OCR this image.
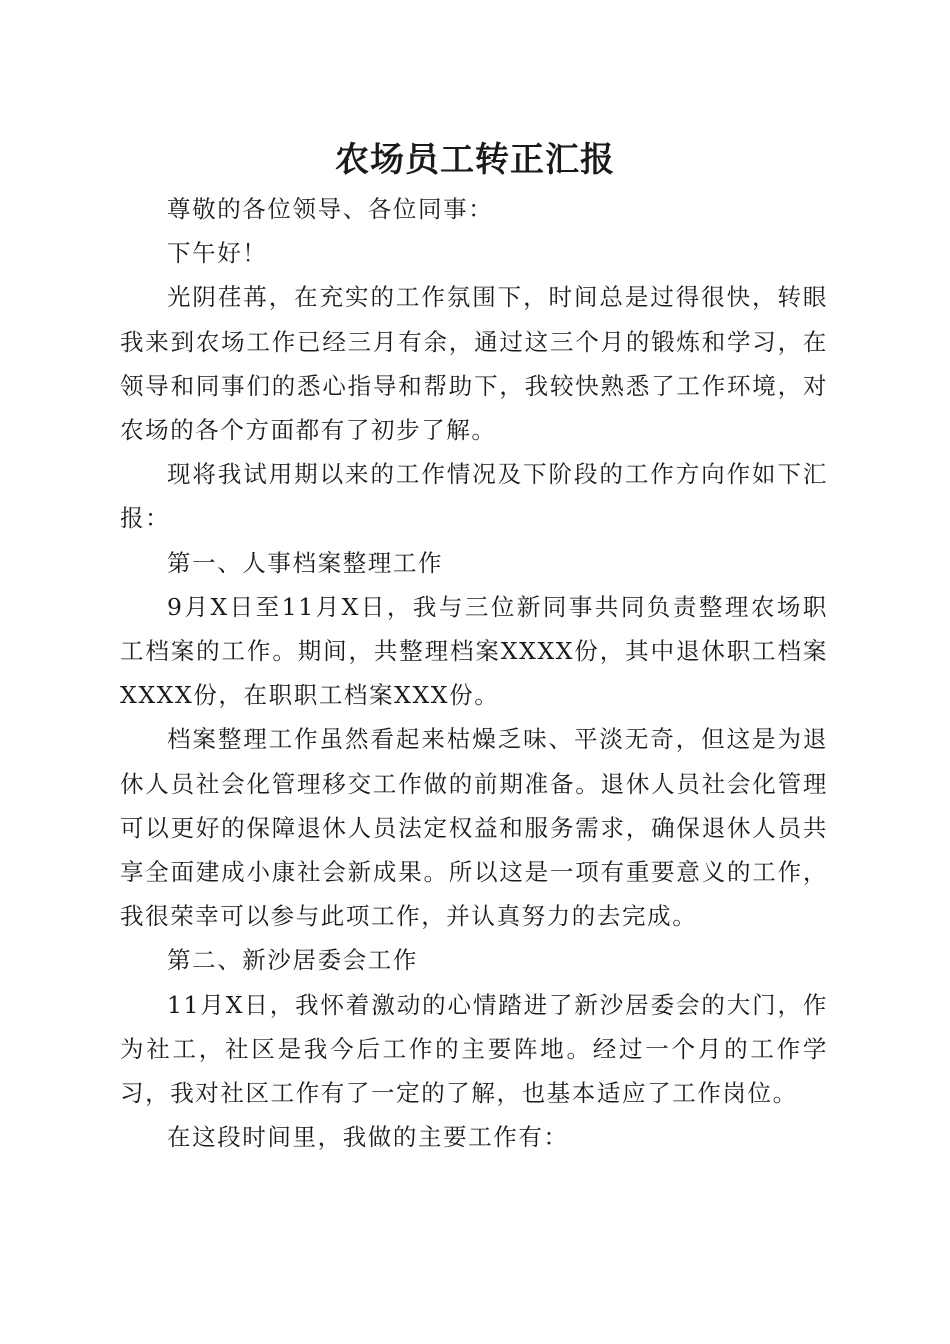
农场员工转正汇报

尊敬的各位领导、各位同事：

下午好！

光阴荏苒，在充实的工作氛围下，时间总是过得很快，转眼我来到农场工作已经三月有余，通过这三个月的锻炼和学习，在领导和同事们的悉心指导和帮助下，我较快熟悉了工作环境，对农场的各个方面都有了初步了解。

现将我试用期以来的工作情况及下阶段的工作方向作如下汇报：

第一、人事档案整理工作

9月X日至11月X日，我与三位新同事共同负责整理农场职工档案的工作。期间，共整理档案XXXX份，其中退休职工档案XXXX份，在职职工档案XXX份。

档案整理工作虽然看起来枯燥乏味、平淡无奇，但这是为退休人员社会化管理移交工作做的前期准备。退休人员社会化管理可以更好的保障退休人员法定权益和服务需求，确保退休人员共享全面建成小康社会新成果。所以这是一项有重要意义的工作，我很荣幸可以参与此项工作，并认真努力的去完成。

第二、新沙居委会工作

11月X日，我怀着激动的心情踏进了新沙居委会的大门，作为社工，社区是我今后工作的主要阵地。经过一个月的工作学习，我对社区工作有了一定的了解，也基本适应了工作岗位。

在这段时间里，我做的主要工作有：
